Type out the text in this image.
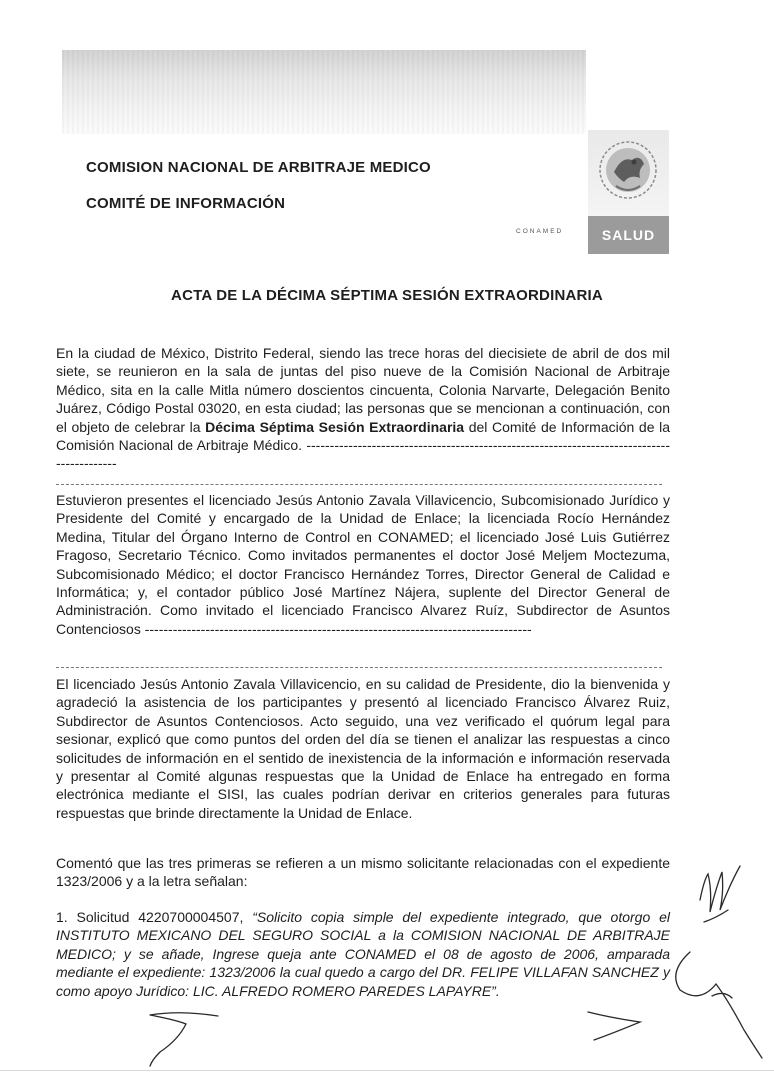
COMISION NACIONAL DE ARBITRAJE MEDICO
COMITÉ DE INFORMACIÓN
CONAMED	SALUD
ACTA DE LA DÉCIMA SÉPTIMA SESIÓN EXTRAORDINARIA

En la ciudad de México, Distrito Federal, siendo las trece horas del diecisiete de abril de dos mil siete, se reunieron en la sala de juntas del piso nueve de la Comisión Nacional de Arbitraje Médico, sita en la calle Mitla número doscientos cincuenta, Colonia Narvarte, Delegación Benito Juárez, Código Postal 03020, en esta ciudad; las personas que se mencionan a continuación, con el objeto de celebrar la Décima Séptima Sesión Extraordinaria del Comité de Información de la Comisión Nacional de Arbitraje Médico. -------------------------------------------------------------------------------------------

Estuvieron presentes el licenciado Jesús Antonio Zavala Villavicencio, Subcomisionado Jurídico y Presidente del Comité y encargado de la Unidad de Enlace; la licenciada Rocío Hernández Medina, Titular del Órgano Interno de Control en CONAMED; el licenciado José Luis Gutiérrez Fragoso, Secretario Técnico. Como invitados permanentes el doctor José Meljem Moctezuma, Subcomisionado Médico; el doctor Francisco Hernández Torres, Director General de Calidad e Informática; y, el contador público José Martínez Nájera, suplente del Director General de Administración. Como invitado el licenciado Francisco Alvarez Ruíz, Subdirector de Asuntos Contenciosos -----------------------------------------------------------------------------------

El licenciado Jesús Antonio Zavala Villavicencio, en su calidad de Presidente, dio la bienvenida y agradeció la asistencia de los participantes y presentó al licenciado Francisco Álvarez Ruiz, Subdirector de Asuntos Contenciosos. Acto seguido, una vez verificado el quórum legal para sesionar, explicó que como puntos del orden del día se tienen el analizar las respuestas a cinco solicitudes de información en el sentido de inexistencia de la información e información reservada y presentar al Comité algunas respuestas que la Unidad de Enlace ha entregado en forma electrónica mediante el SISI, las cuales podrían derivar en criterios generales para futuras respuestas que brinde directamente la Unidad de Enlace.

Comentó que las tres primeras se refieren a un mismo solicitante relacionadas con el expediente 1323/2006 y a la letra señalan:

1. Solicitud 4220700004507, “Solicito copia simple del expediente integrado, que otorgo el INSTITUTO MEXICANO DEL SEGURO SOCIAL a la COMISION NACIONAL DE ARBITRAJE MEDICO; y se añade, Ingrese queja ante CONAMED el 08 de agosto de 2006, amparada mediante el expediente: 1323/2006 la cual quedo a cargo del DR. FELIPE VILLAFAN SANCHEZ y como apoyo Jurídico: LIC. ALFREDO ROMERO PAREDES LAPAYRE”.
